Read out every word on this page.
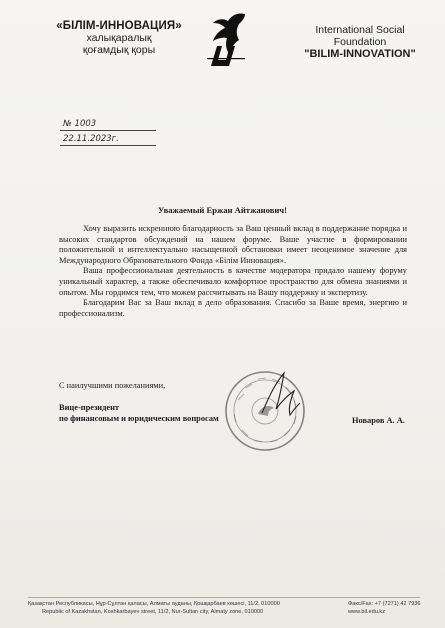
«БІЛІМ-ИННОВАЦИЯ»
халықаралық
қоғамдық қоры
International Social
Foundation
"BILIM-INNOVATION"
№ 1003
22.11.2023г.
Уважаемый Ержан Айтжанович!

Хочу выразить искреннюю благодарность за Ваш ценный вклад в поддержание порядка и высоких стандартов обсуждений на нашем форуме. Ваше участие в формировании положительной и интеллектуально насыщенной обстановки имеет неоценимое значение для Международного Образовательного Фонда «Білім Инновация».

Ваша профессиональная деятельность в качестве модератора придало нашему форуму уникальный характер, а также обеспечивало комфортное пространство для обмена знаниями и опытом. Мы гордимся тем, что можем рассчитывать на Вашу поддержку и экспертизу.

Благодарим Вас за Ваш вклад в дело образования. Спасибо за Ваше время, энергию и профессионализм.

С наилучшими пожеланиями,
Вице-президент
по финансовым и юридическим вопросам	Новаров А. А.
Қазақстан Республикасы, Нұр-Сұлтан қаласы, Алматы ауданы, Қошқарбаев көшесі, 11/2, 010000
Republic of Kazakhstan, Koshkarbayev street, 11/2, Nur-Sultan city, Almaty zone, 010000
Факс/Fax: +7 (7271) 42 7936
www.bil.edu.kz
